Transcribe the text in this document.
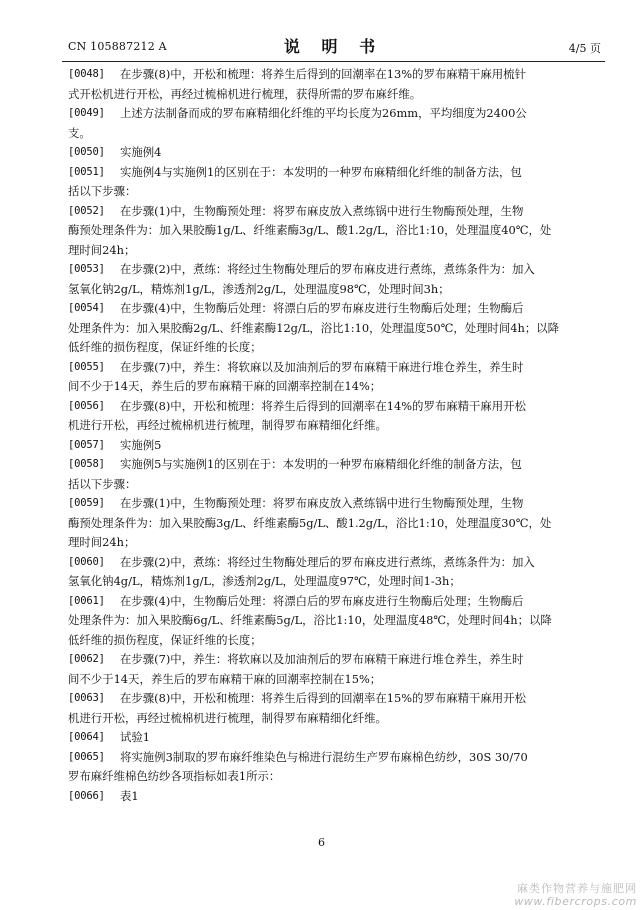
CN 105887212 A	说 明 书	4/5 页
[0048] 在步骤(8)中，开松和梳理：将养生后得到的回潮率在13%的罗布麻精干麻用梳针
式开松机进行开松，再经过梳棉机进行梳理，获得所需的罗布麻纤维。
[0049] 上述方法制备而成的罗布麻精细化纤维的平均长度为26mm，平均细度为2400公
支。
[0050] 实施例4
[0051] 实施例4与实施例1的区别在于：本发明的一种罗布麻精细化纤维的制备方法，包
括以下步骤：
[0052] 在步骤(1)中，生物酶预处理：将罗布麻皮放入煮练锅中进行生物酶预处理，生物
酶预处理条件为：加入果胶酶1g/L、纤维素酶3g/L、酸1.2g/L，浴比1:10，处理温度40℃，处
理时间24h；
[0053] 在步骤(2)中，煮练：将经过生物酶处理后的罗布麻皮进行煮练，煮练条件为：加入
氢氧化钠2g/L，精炼剂1g/L，渗透剂2g/L，处理温度98℃，处理时间3h；
[0054] 在步骤(4)中，生物酶后处理：将漂白后的罗布麻皮进行生物酶后处理；生物酶后
处理条件为：加入果胶酶2g/L、纤维素酶12g/L，浴比1:10，处理温度50℃，处理时间4h；以降
低纤维的损伤程度，保证纤维的长度；
[0055] 在步骤(7)中，养生：将软麻以及加油剂后的罗布麻精干麻进行堆仓养生，养生时
间不少于14天，养生后的罗布麻精干麻的回潮率控制在14%；
[0056] 在步骤(8)中，开松和梳理：将养生后得到的回潮率在14%的罗布麻精干麻用开松
机进行开松，再经过梳棉机进行梳理，制得罗布麻精细化纤维。
[0057] 实施例5
[0058] 实施例5与实施例1的区别在于：本发明的一种罗布麻精细化纤维的制备方法，包
括以下步骤：
[0059] 在步骤(1)中，生物酶预处理：将罗布麻皮放入煮练锅中进行生物酶预处理，生物
酶预处理条件为：加入果胶酶3g/L、纤维素酶5g/L、酸1.2g/L，浴比1:10，处理温度30℃，处
理时间24h；
[0060] 在步骤(2)中，煮练：将经过生物酶处理后的罗布麻皮进行煮练，煮练条件为：加入
氢氧化钠4g/L，精炼剂1g/L，渗透剂2g/L，处理温度97℃，处理时间1-3h；
[0061] 在步骤(4)中，生物酶后处理：将漂白后的罗布麻皮进行生物酶后处理；生物酶后
处理条件为：加入果胶酶6g/L、纤维素酶5g/L，浴比1:10，处理温度48℃，处理时间4h；以降
低纤维的损伤程度，保证纤维的长度；
[0062] 在步骤(7)中，养生：将软麻以及加油剂后的罗布麻精干麻进行堆仓养生，养生时
间不少于14天，养生后的罗布麻精干麻的回潮率控制在15%；
[0063] 在步骤(8)中，开松和梳理：将养生后得到的回潮率在15%的罗布麻精干麻用开松
机进行开松，再经过梳棉机进行梳理，制得罗布麻精细化纤维。
[0064] 试验1
[0065] 将实施例3制取的罗布麻纤维染色与棉进行混纺生产罗布麻棉色纺纱，30S 30/70
罗布麻纤维棉色纺纱各项指标如表1所示：
[0066] 表1
6
麻类作物营养与施肥网
www.fibercrops.com
